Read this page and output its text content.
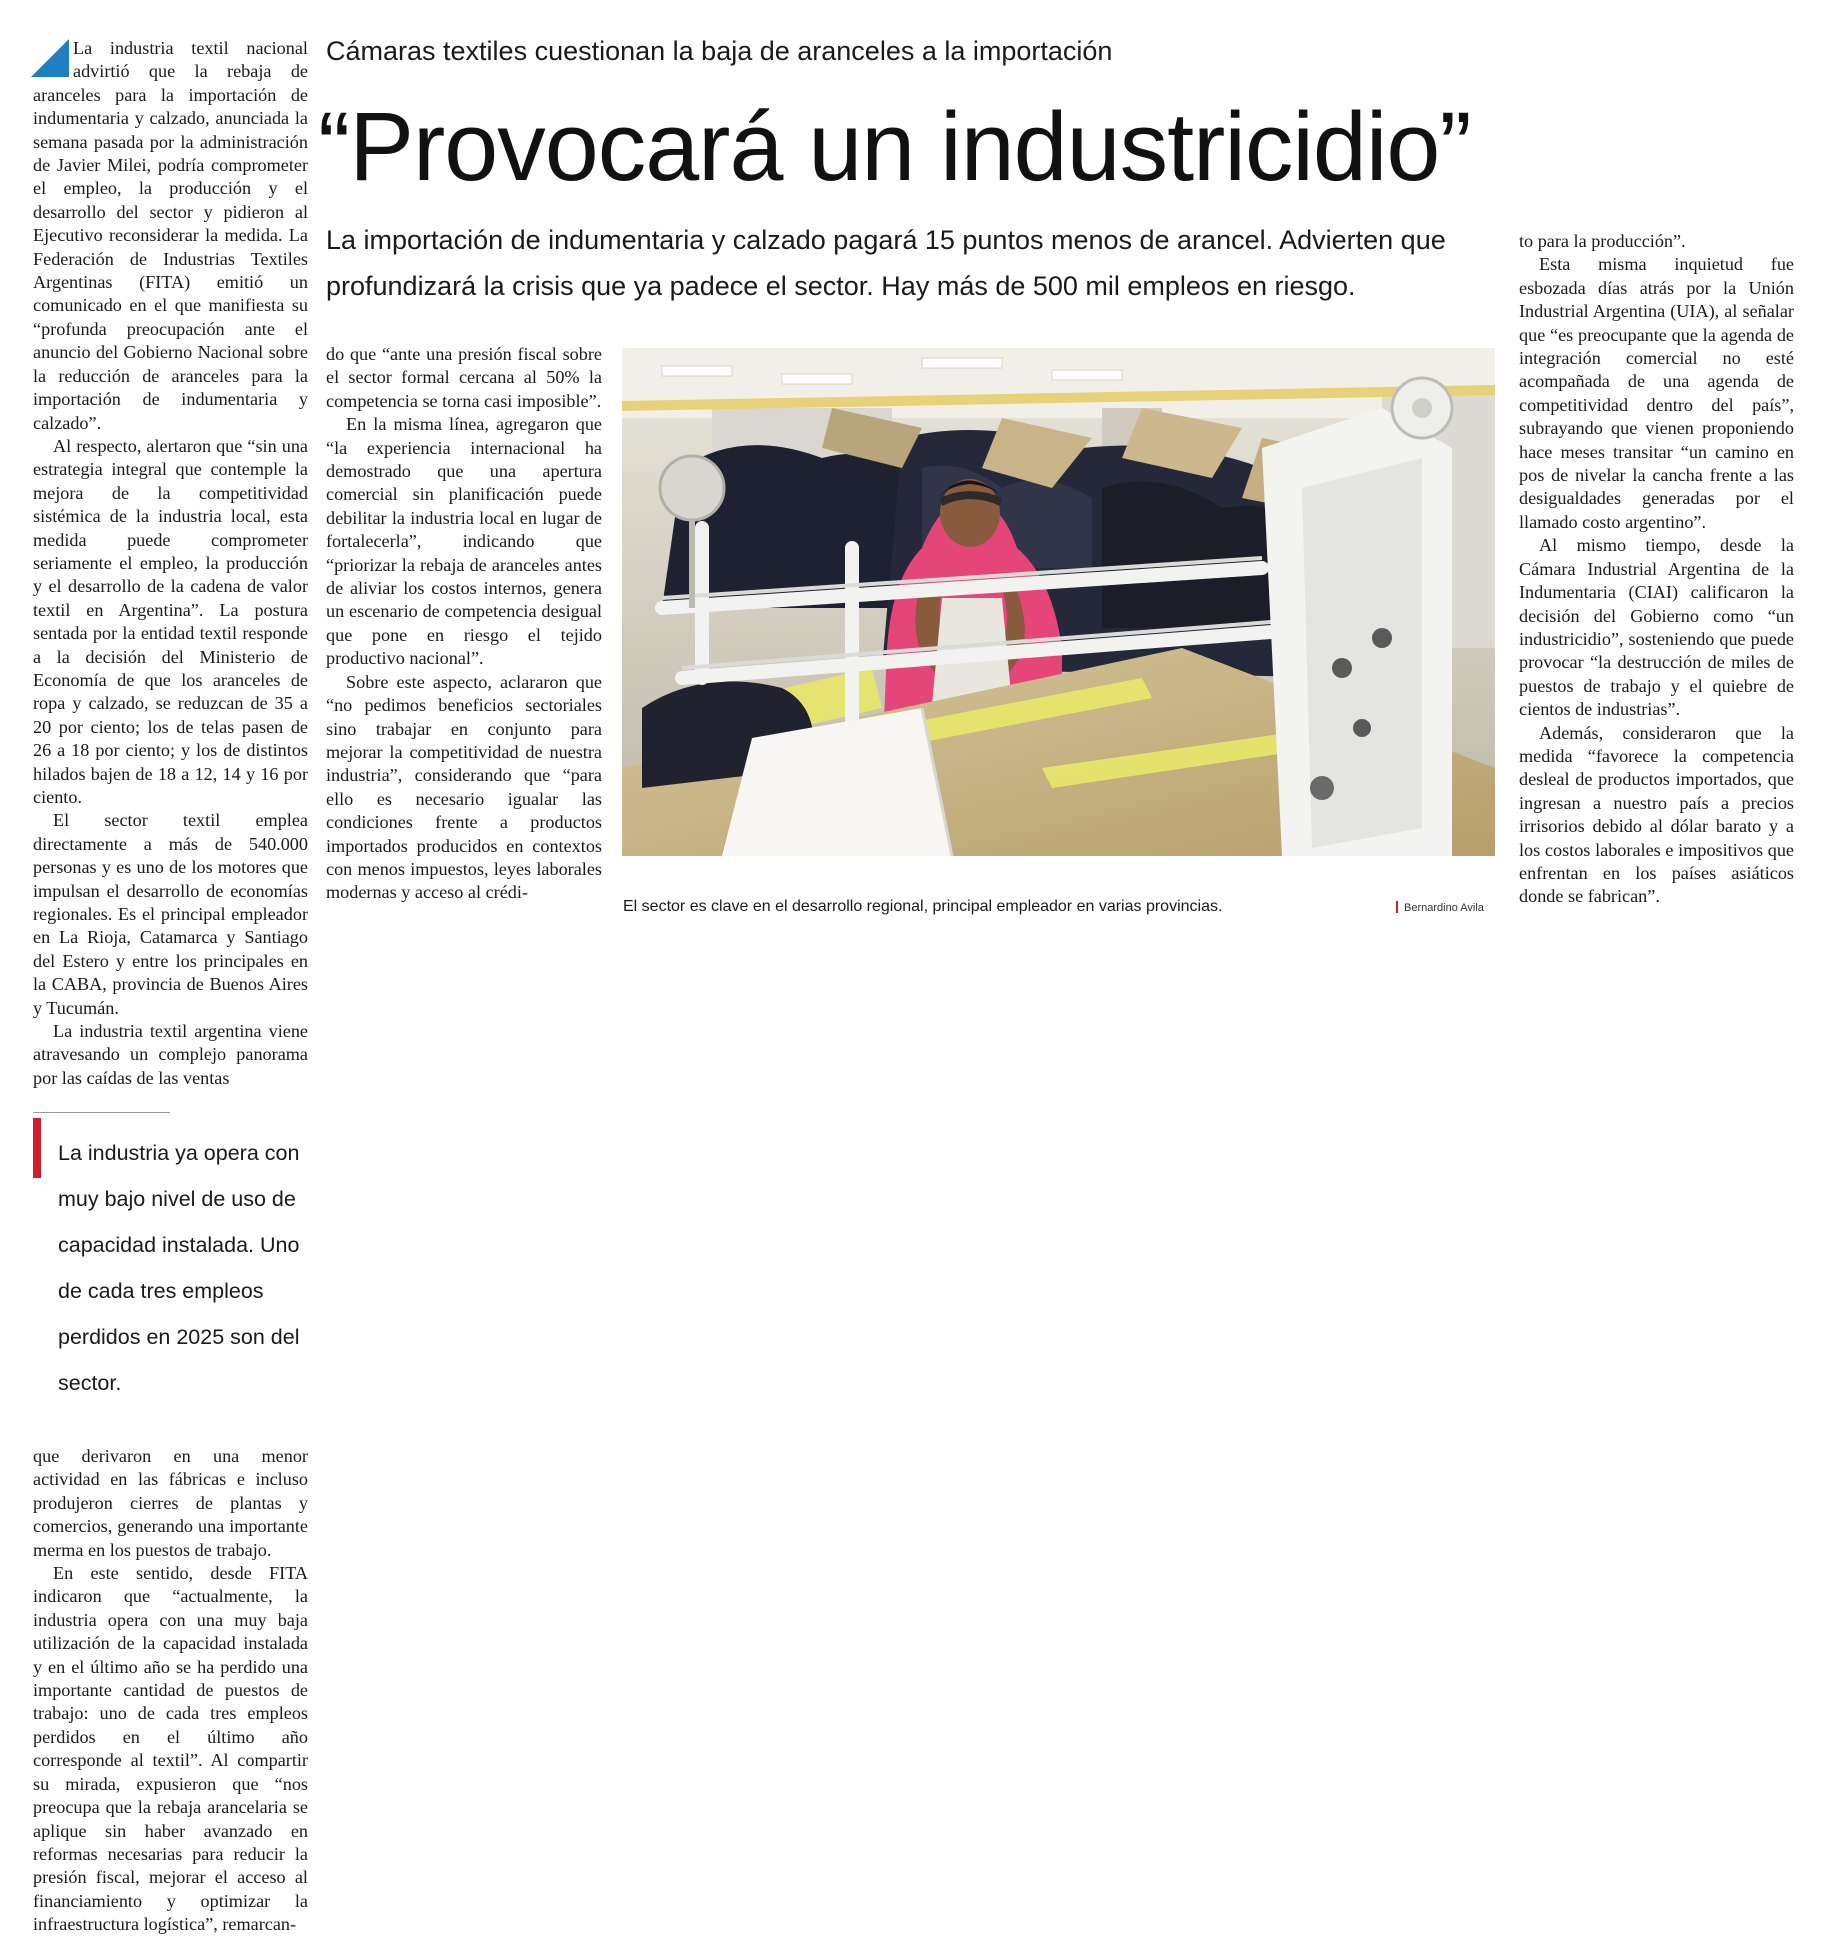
La industria textil nacional advirtió que la rebaja de aranceles para la importación de indumentaria y calzado, anunciada la semana pasada por la administración de Javier Milei, podría comprometer el empleo, la producción y el desarrollo del sector y pidieron al Ejecutivo reconsiderar la medida. La Federación de Industrias Textiles Argentinas (FITA) emitió un comunicado en el que manifiesta su “profunda preocupación ante el anuncio del Gobierno Nacional sobre la reducción de aranceles para la importación de indumentaria y calzado”.

Al respecto, alertaron que “sin una estrategia integral que contemple la mejora de la competitividad sistémica de la industria local, esta medida puede comprometer seriamente el empleo, la producción y el desarrollo de la cadena de valor textil en Argentina”. La postura sentada por la entidad textil responde a la decisión del Ministerio de Economía de que los aranceles de ropa y calzado, se reduzcan de 35 a 20 por ciento; los de telas pasen de 26 a 18 por ciento; y los de distintos hilados bajen de 18 a 12, 14 y 16 por ciento.

El sector textil emplea directamente a más de 540.000 personas y es uno de los motores que impulsan el desarrollo de economías regionales. Es el principal empleador en La Rioja, Catamarca y Santiago del Estero y entre los principales en la CABA, provincia de Buenos Aires y Tucumán.

La industria textil argentina viene atravesando un complejo panorama por las caídas de las ventas

Cámaras textiles cuestionan la baja de aranceles a la importación
“Provocará un industricidio”
La importación de indumentaria y calzado pagará 15 puntos menos de arancel. Advierten que profundizará la crisis que ya padece el sector. Hay más de 500 mil empleos en riesgo.

do que “ante una presión fiscal sobre el sector formal cercana al 50% la competencia se torna casi imposible”.

En la misma línea, agregaron que “la experiencia internacional ha demostrado que una apertura comercial sin planificación puede debilitar la industria local en lugar de fortalecerla”, indicando que “priorizar la rebaja de aranceles antes de aliviar los costos internos, genera un escenario de competencia desigual que pone en riesgo el tejido productivo nacional”.

Sobre este aspecto, aclararon que “no pedimos beneficios sectoriales sino trabajar en conjunto para mejorar la competitividad de nuestra industria”, considerando que “para ello es necesario igualar las condiciones frente a productos importados producidos en contextos con menos impuestos, leyes laborales modernas y acceso al crédi-

El sector es clave en el desarrollo regional, principal empleador en varias provincias.	Bernardino Avila

to para la producción”.

Esta misma inquietud fue esbozada días atrás por la Unión Industrial Argentina (UIA), al señalar que “es preocupante que la agenda de integración comercial no esté acompañada de una agenda de competitividad dentro del país”, subrayando que vienen proponiendo hace meses transitar “un camino en pos de nivelar la cancha frente a las desigualdades generadas por el llamado costo argentino”.

Al mismo tiempo, desde la Cámara Industrial Argentina de la Indumentaria (CIAI) calificaron la decisión del Gobierno como “un industricidio”, sosteniendo que puede provocar “la destrucción de miles de puestos de trabajo y el quiebre de cientos de industrias”.

Además, consideraron que la medida “favorece la competencia desleal de productos importados, que ingresan a nuestro país a precios irrisorios debido al dólar barato y a los costos laborales e impositivos que enfrentan en los países asiáticos donde se fabrican”.

La industria ya opera con muy bajo nivel de uso de capacidad instalada. Uno de cada tres empleos perdidos en 2025 son del sector.

que derivaron en una menor actividad en las fábricas e incluso produjeron cierres de plantas y comercios, generando una importante merma en los puestos de trabajo.

En este sentido, desde FITA indicaron que “actualmente, la industria opera con una muy baja utilización de la capacidad instalada y en el último año se ha perdido una importante cantidad de puestos de trabajo: uno de cada tres empleos perdidos en el último año corresponde al textil”. Al compartir su mirada, expusieron que “nos preocupa que la rebaja arancelaria se aplique sin haber avanzado en reformas necesarias para reducir la presión fiscal, mejorar el acceso al financiamiento y optimizar la infraestructura logística”, remarcan-
